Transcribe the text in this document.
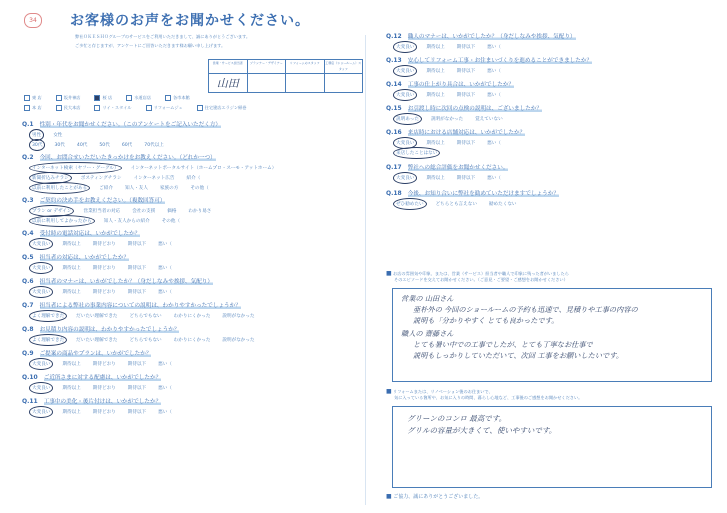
34	お客様のお声をお聞かせください。
弊社ＯＫＥＳＨＯグループのサービスをご利用いただきまして、誠にありがとうございます。
ご多忙と存じますが、アンケートにご回答いただきます様お願い申し上げます。
営業・サービス担当者	プランナー・デザイナー	リフォームのスタッフ	工務店（ショールーム）スタッフ
山田
東 店	坂井神店	桜 店	水道店店	各市本館
本 店	民大本店	リイ・スタイル	リフォームジュ	住宅建店エラジン帰巻
Q.1 性別・年代をお聞かせください。（このアンケートをご記入いただく方）
男性	女性
30代	30代	40代	50代	60代	70代以上
Q.2 今回、お問合せいただいたきっかけをお教えください。（どれか一つ）
インターネット検索（ヤフー・グーグル）	インターネットポータルサイト（ホームプロ・スーモ・アットホーム）
新聞折込みチラシ	ポスティングチラシ	インターネット広告	紹介（
以前に利用したことがある	ご紹介	知人・友人	家族の方	その他（
Q.3 ご契約の決め手をお教えください。（複数回答可）
プラン or デザイン	営業担当者の対応	会社の支援	価格	わかり易さ
以前に利用してよかったから	知人・友人からの紹介	その他（
Q.4 受付時の電話対応は、いかがでしたか？
大変良い	期待以上	期待どおり	期待以下	悪い（
Q.5 担当者の対応は、いかがでしたか？
大変良い	期待以上	期待どおり	期待以下	悪い（
Q.6 担当者のマナーは、いかがでしたか？（身だしなみや挨拶、気配り）
大変良い	期待以上	期待どおり	期待以下	悪い（
Q.7 担当者による弊社の事業内容についての説明は、わかりやすかったでしょうか？
よく理解できた	だいたい理解できた	どちらでもない	わかりにくかった	説明がなかった
Q.8 お見積り内容の説明は、わかりやすかったでしょうか？
よく理解できた	だいたい理解できた	どちらでもない	わかりにくかった	説明がなかった
Q.9 ご提案の商品やプランは、いかがでしたか？
大変良い	期待以上	期待どおり	期待以下	悪い（
Q.10 ご近所さまに対する配慮は、いかがでしたか？
大変良い	期待以上	期待どおり	期待以下	悪い（
Q.11 工事中の美化・後片付けは、いかがでしたか？
大変良い	期待以上	期待どおり	期待以下	悪い（
Q.12 職人のマナーは、いかがでしたか？（身だしなみや挨拶、気配り）
大変良い	期待以上	期待以下	悪い（
Q.13 安心してリフォーム工事・お住まいづくりを進めることができましたか？
大変良い	期待以上	期待以下	悪い（
Q.14 工事の仕上がり具合は、いかがでしたか？
大変良い	期待以上	期待以下	悪い（
Q.15 お引渡し時に次回の点検の説明は、ございましたか？
説明あった	説明がなかった	覚えていない
Q.16 来店時における店舗対応は、いかがでしたか？
大変良い	期待以上	期待以下	悪い（
来店したことはない
Q.17 弊社への総合評価をお聞かせください。
大変良い	期待以上	期待以下	悪い（
Q.18 今後、お知り合いに弊社を勧めていただけますでしょうか？
ぜひ勧めたい	どちらとも言えない	勧めたくない
■ お店の雰囲気や印象、または、営業（サービス）担当者や職人で印象に残った者がいましたら
そのエピソードを交えてお聞かせください。（ご意見・ご要望・ご感想をお聞かせください）
営業の 山田さん
亜朴外の 今回のショールームの予約も迅速で、見積りや工事の内容の
説明も「分かりやすく とても良かったです。
職人の 齋藤さん
とても暑い中での工事でしたが、とても丁寧なお仕事で
説明もしっかりしていただいて、次回 工事をお願いしたいです。
■ リフォームまたは、リノベーション後のお住まいで、
気に入っている箇所や、お気に入りの時間、暮らし心地など、工事後のご感想をお聞かせください。
グリーンのコンロ 最高です。
グリルの容量が大きくて、使いやすいです。
■ ご協力、誠にありがとうございました。
